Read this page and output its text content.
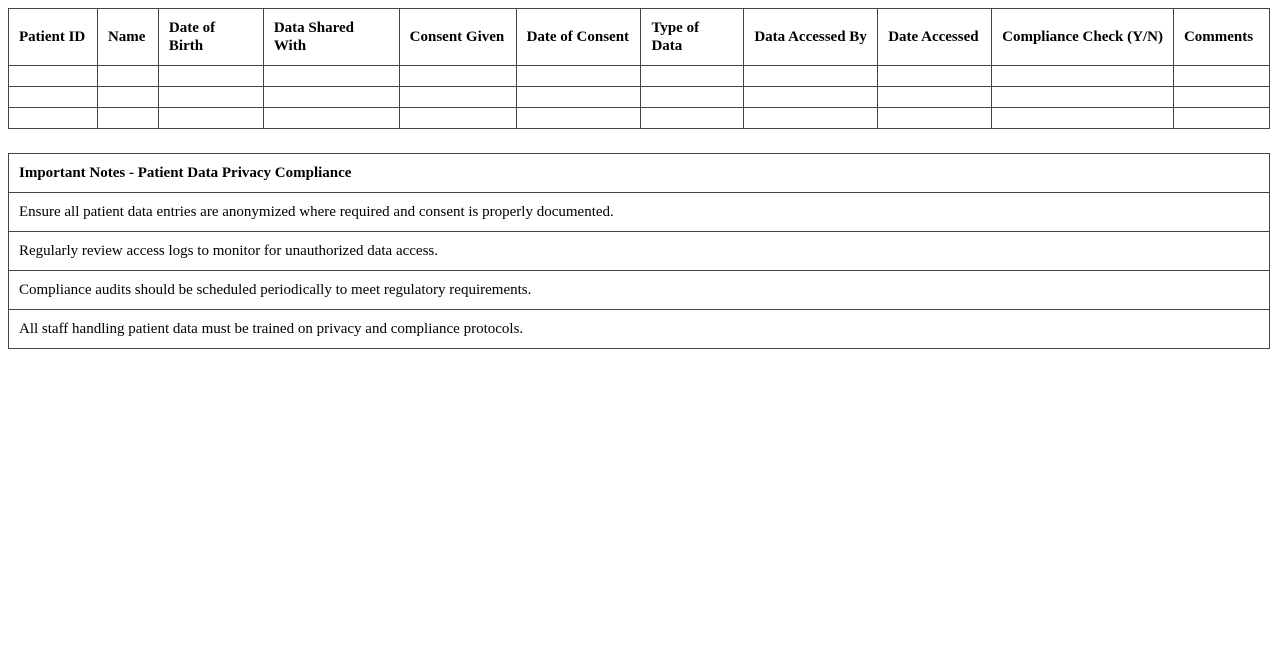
Patient ID	Name	Date of Birth	Data Shared With	Consent Given	Date of Consent	Type of Data	Data Accessed By	Date Accessed	Compliance Check (Y/N)	Comments

Important Notes - Patient Data Privacy Compliance
Ensure all patient data entries are anonymized where required and consent is properly documented.
Regularly review access logs to monitor for unauthorized data access.
Compliance audits should be scheduled periodically to meet regulatory requirements.
All staff handling patient data must be trained on privacy and compliance protocols.
